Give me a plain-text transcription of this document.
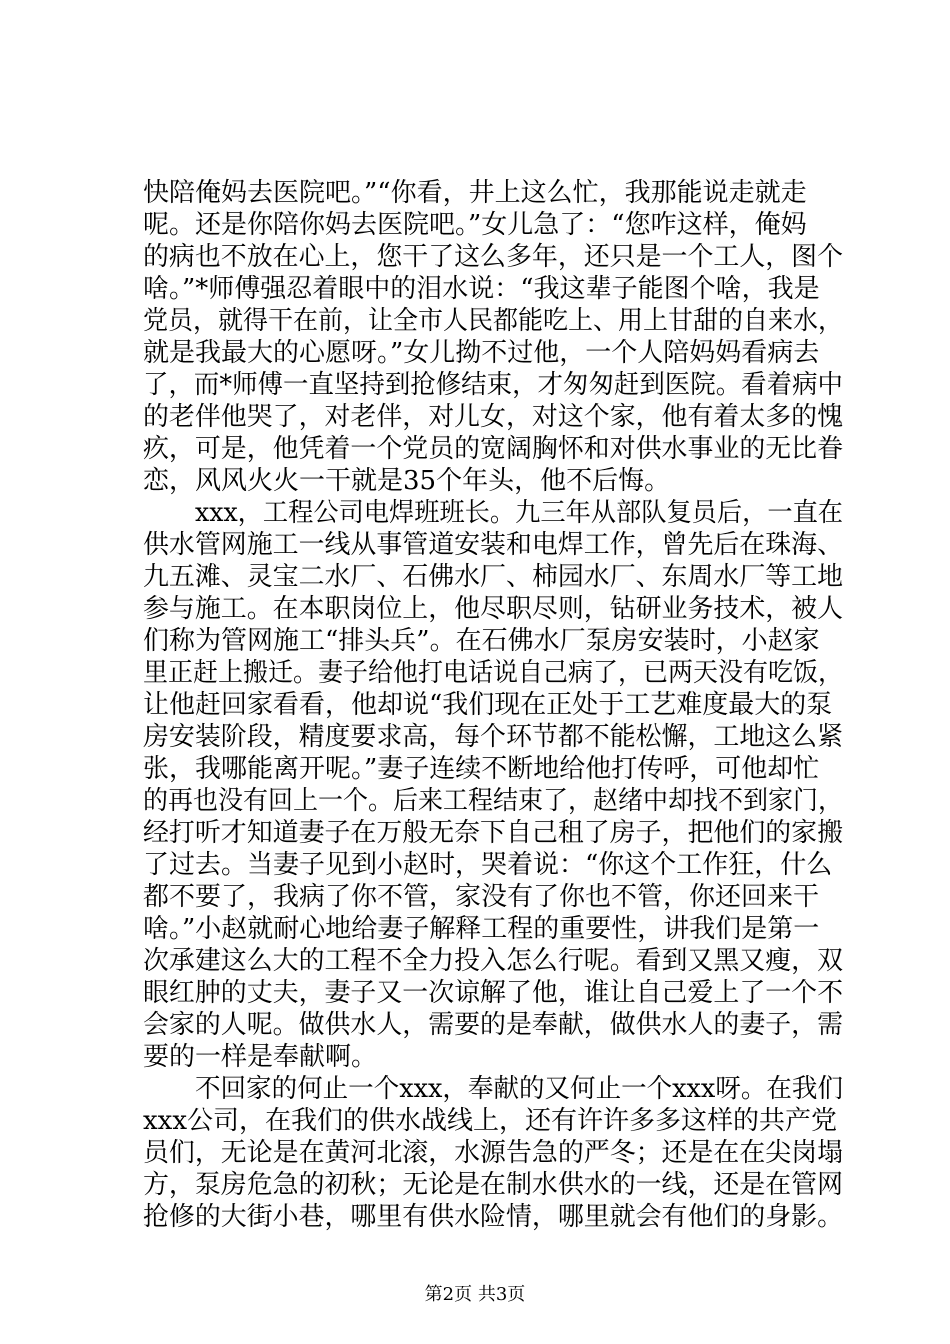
快陪俺妈去医院吧。”“你看，井上这么忙，我那能说走就走
呢。还是你陪你妈去医院吧。”女儿急了：“您咋这样，俺妈
的病也不放在心上，您干了这么多年，还只是一个工人，图个
啥。”*师傅强忍着眼中的泪水说：“我这辈子能图个啥，我是
党员，就得干在前，让全市人民都能吃上、用上甘甜的自来水，
就是我最大的心愿呀。”女儿拗不过他，一个人陪妈妈看病去
了，而*师傅一直坚持到抢修结束，才匆匆赶到医院。看着病中
的老伴他哭了，对老伴，对儿女，对这个家，他有着太多的愧
疚，可是，他凭着一个党员的宽阔胸怀和对供水事业的无比眷
恋，风风火火一干就是35个年头，他不后悔。
xxx，工程公司电焊班班长。九三年从部队复员后，一直在
供水管网施工一线从事管道安装和电焊工作，曾先后在珠海、
九五滩、灵宝二水厂、石佛水厂、柿园水厂、东周水厂等工地
参与施工。在本职岗位上，他尽职尽则，钻研业务技术，被人
们称为管网施工“排头兵”。在石佛水厂泵房安装时，小赵家
里正赶上搬迁。妻子给他打电话说自己病了，已两天没有吃饭，
让他赶回家看看，他却说“我们现在正处于工艺难度最大的泵
房安装阶段，精度要求高，每个环节都不能松懈，工地这么紧
张，我哪能离开呢。”妻子连续不断地给他打传呼，可他却忙
的再也没有回上一个。后来工程结束了，赵绪中却找不到家门，
经打听才知道妻子在万般无奈下自己租了房子，把他们的家搬
了过去。当妻子见到小赵时，哭着说：“你这个工作狂，什么
都不要了，我病了你不管，家没有了你也不管，你还回来干
啥。”小赵就耐心地给妻子解释工程的重要性，讲我们是第一
次承建这么大的工程不全力投入怎么行呢。看到又黑又瘦，双
眼红肿的丈夫，妻子又一次谅解了他，谁让自己爱上了一个不
会家的人呢。做供水人，需要的是奉献，做供水人的妻子，需
要的一样是奉献啊。
不回家的何止一个xxx，奉献的又何止一个xxx呀。在我们
xxx公司，在我们的供水战线上，还有许许多多这样的共产党
员们，无论是在黄河北滚，水源告急的严冬；还是在在尖岗塌
方，泵房危急的初秋；无论是在制水供水的一线，还是在管网
抢修的大街小巷，哪里有供水险情，哪里就会有他们的身影。
第2页 共3页
